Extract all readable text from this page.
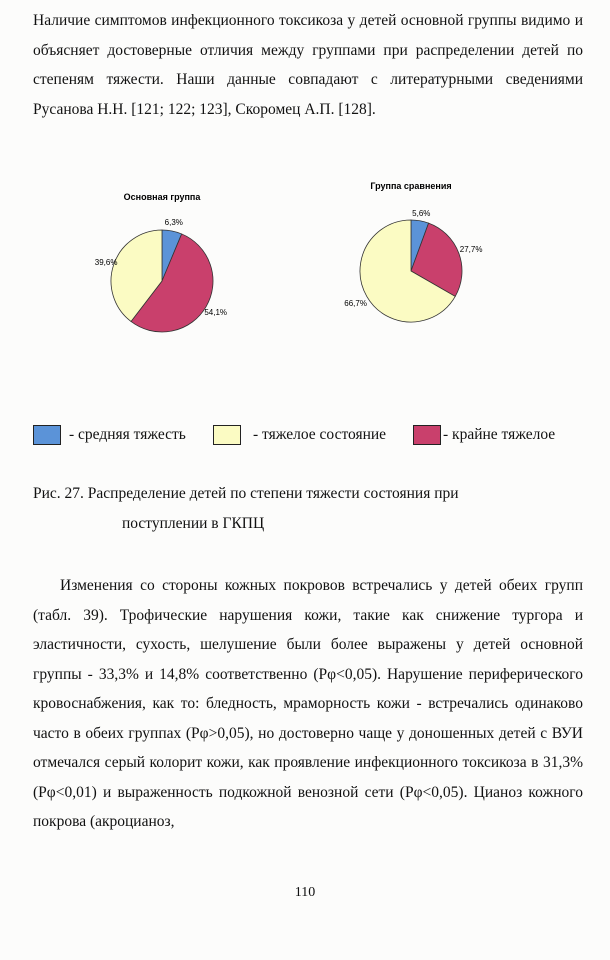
Наличие симптомов инфекционного токсикоза у детей основной группы видимо и объясняет достоверные отличия между группами при распределении детей по степеням тяжести. Наши данные совпадают с литературными сведениями Русанова Н.Н. [121; 122; 123], Скоромец А.П. [128].

Основная группа
6,3%
54,1%
39,6%
Группа сравнения
5,6%
27,7%
66,7%
- средняя тяжесть	- тяжелое состояние	- крайне тяжелое
Рис. 27. Распределение детей по степени тяжести состояния при
поступлении в ГКПЦ

Изменения со стороны кожных покровов встречались у детей обеих групп (табл. 39). Трофические нарушения кожи, такие как снижение тургора и эластичности, сухость, шелушение были более выражены у детей основной группы - 33,3% и 14,8% соответственно (Pφ<0,05). Нарушение периферического кровоснабжения, как то: бледность, мраморность кожи - встречались одинаково часто в обеих группах (Pφ>0,05), но достоверно чаще у доношенных детей с ВУИ отмечался серый колорит кожи, как проявление инфекционного токсикоза в 31,3% (Pφ<0,01) и выраженность подкожной венозной сети (Pφ<0,05). Цианоз кожного покрова (акроцианоз,

110
